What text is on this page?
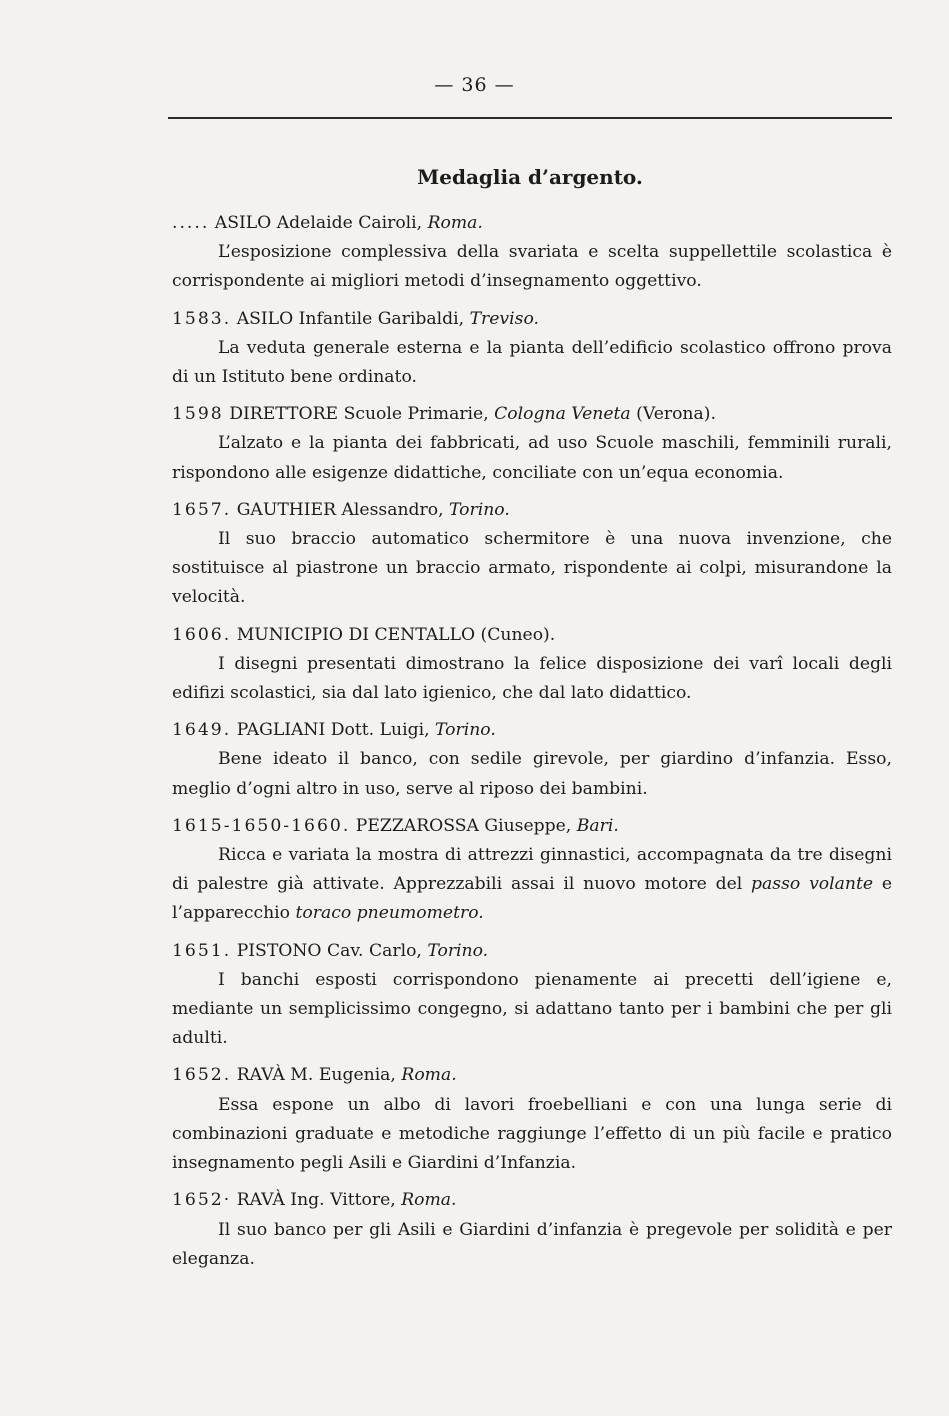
— 36 —
Medaglia d’argento.
..... ASILO Adelaide Cairoli, Roma.
L’esposizione complessiva della svariata e scelta suppellettile scolastica è corrispondente ai migliori metodi d’insegnamento oggettivo.
1583. ASILO Infantile Garibaldi, Treviso.
La veduta generale esterna e la pianta dell’edificio scolastico offrono prova di un Istituto bene ordinato.
1598 DIRETTORE Scuole Primarie, Cologna Veneta (Verona).
L’alzato e la pianta dei fabbricati, ad uso Scuole maschili, femminili rurali, rispondono alle esigenze didattiche, conciliate con un’equa economia.
1657. GAUTHIER Alessandro, Torino.
Il suo braccio automatico schermitore è una nuova invenzione, che sostituisce al piastrone un braccio armato, rispondente ai colpi, misurandone la velocità.
1606. MUNICIPIO DI CENTALLO (Cuneo).
I disegni presentati dimostrano la felice disposizione dei varî locali degli edifizi scolastici, sia dal lato igienico, che dal lato didattico.
1649. PAGLIANI Dott. Luigi, Torino.
Bene ideato il banco, con sedile girevole, per giardino d’infanzia. Esso, meglio d’ogni altro in uso, serve al riposo dei bambini.
1615-1650-1660. PEZZAROSSA Giuseppe, Bari.
Ricca e variata la mostra di attrezzi ginnastici, accompagnata da tre disegni di palestre già attivate. Apprezzabili assai il nuovo motore del passo volante e l’apparecchio toraco pneumometro.
1651. PISTONO Cav. Carlo, Torino.
I banchi esposti corrispondono pienamente ai precetti dell’igiene e, mediante un semplicissimo congegno, si adattano tanto per i bambini che per gli adulti.
1652. RAVÀ M. Eugenia, Roma.
Essa espone un albo di lavori froebelliani e con una lunga serie di combinazioni graduate e metodiche raggiunge l’effetto di un più facile e pratico insegnamento pegli Asili e Giardini d’Infanzia.
1652· RAVÀ Ing. Vittore, Roma.
Il suo banco per gli Asili e Giardini d’infanzia è pregevole per solidità e per eleganza.
